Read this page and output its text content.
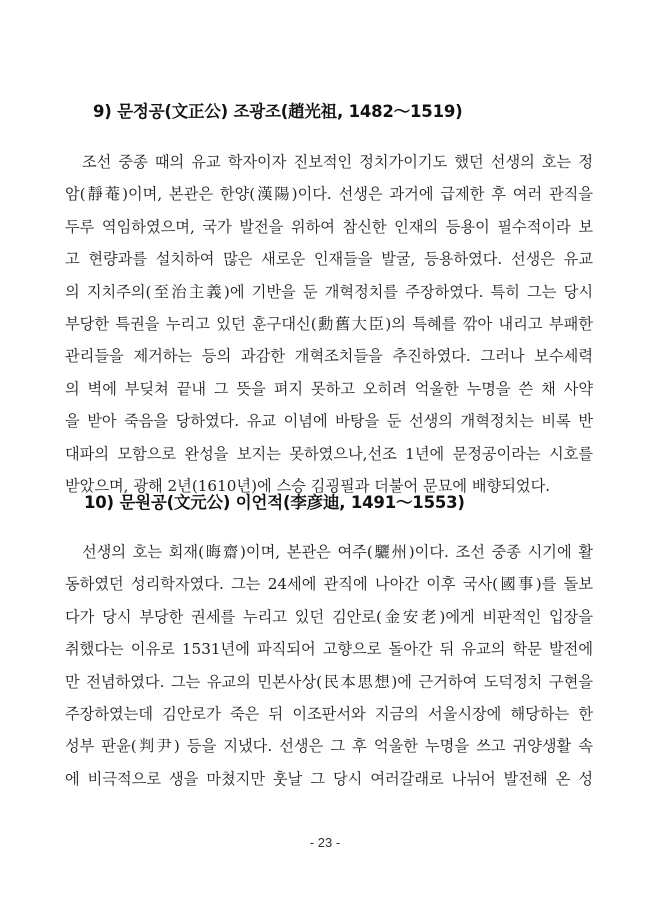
9) 문정공(文正公) 조광조(趙光祖, 1482～1519)
조선 중종 때의 유교 학자이자 진보적인 정치가이기도 했던 선생의 호는 정
암(靜菴)이며, 본관은 한양(漢陽)이다. 선생은 과거에 급제한 후 여러 관직을
두루 역임하였으며, 국가 발전을 위하여 참신한 인재의 등용이 필수적이라 보
고 현량과를 설치하여 많은 새로운 인재들을 발굴, 등용하였다. 선생은 유교
의 지치주의(至治主義)에 기반을 둔 개혁정치를 주장하였다. 특히 그는 당시
부당한 특권을 누리고 있던 훈구대신(勳舊大臣)의 특혜를 깎아 내리고 부패한
관리들을 제거하는 등의 과감한 개혁조치들을 추진하였다. 그러나 보수세력
의 벽에 부딪쳐 끝내 그 뜻을 펴지 못하고 오히려 억울한 누명을 쓴 채 사약
을 받아 죽음을 당하였다. 유교 이념에 바탕을 둔 선생의 개혁정치는 비록 반
대파의 모함으로 완성을 보지는 못하였으나,선조 1년에 문정공이라는 시호를
받았으며, 광해 2년(1610년)에 스승 김굉필과 더불어 문묘에 배향되었다.
10) 문원공(文元公) 이언적(李彦迪, 1491～1553)
선생의 호는 회재(晦齋)이며, 본관은 여주(驪州)이다. 조선 중종 시기에 활
동하였던 성리학자였다. 그는 24세에 관직에 나아간 이후 국사(國事)를 돌보
다가 당시 부당한 권세를 누리고 있던 김안로(金安老)에게 비판적인 입장을
취했다는 이유로 1531년에 파직되어 고향으로 돌아간 뒤 유교의 학문 발전에
만 전념하였다. 그는 유교의 민본사상(民本思想)에 근거하여 도덕정치 구현을
주장하였는데 김안로가 죽은 뒤 이조판서와 지금의 서울시장에 해당하는 한
성부 판윤(判尹) 등을 지냈다. 선생은 그 후 억울한 누명을 쓰고 귀양생활 속
에 비극적으로 생을 마쳤지만 훗날 그 당시 여러갈래로 나뉘어 발전해 온 성
- 23 -
